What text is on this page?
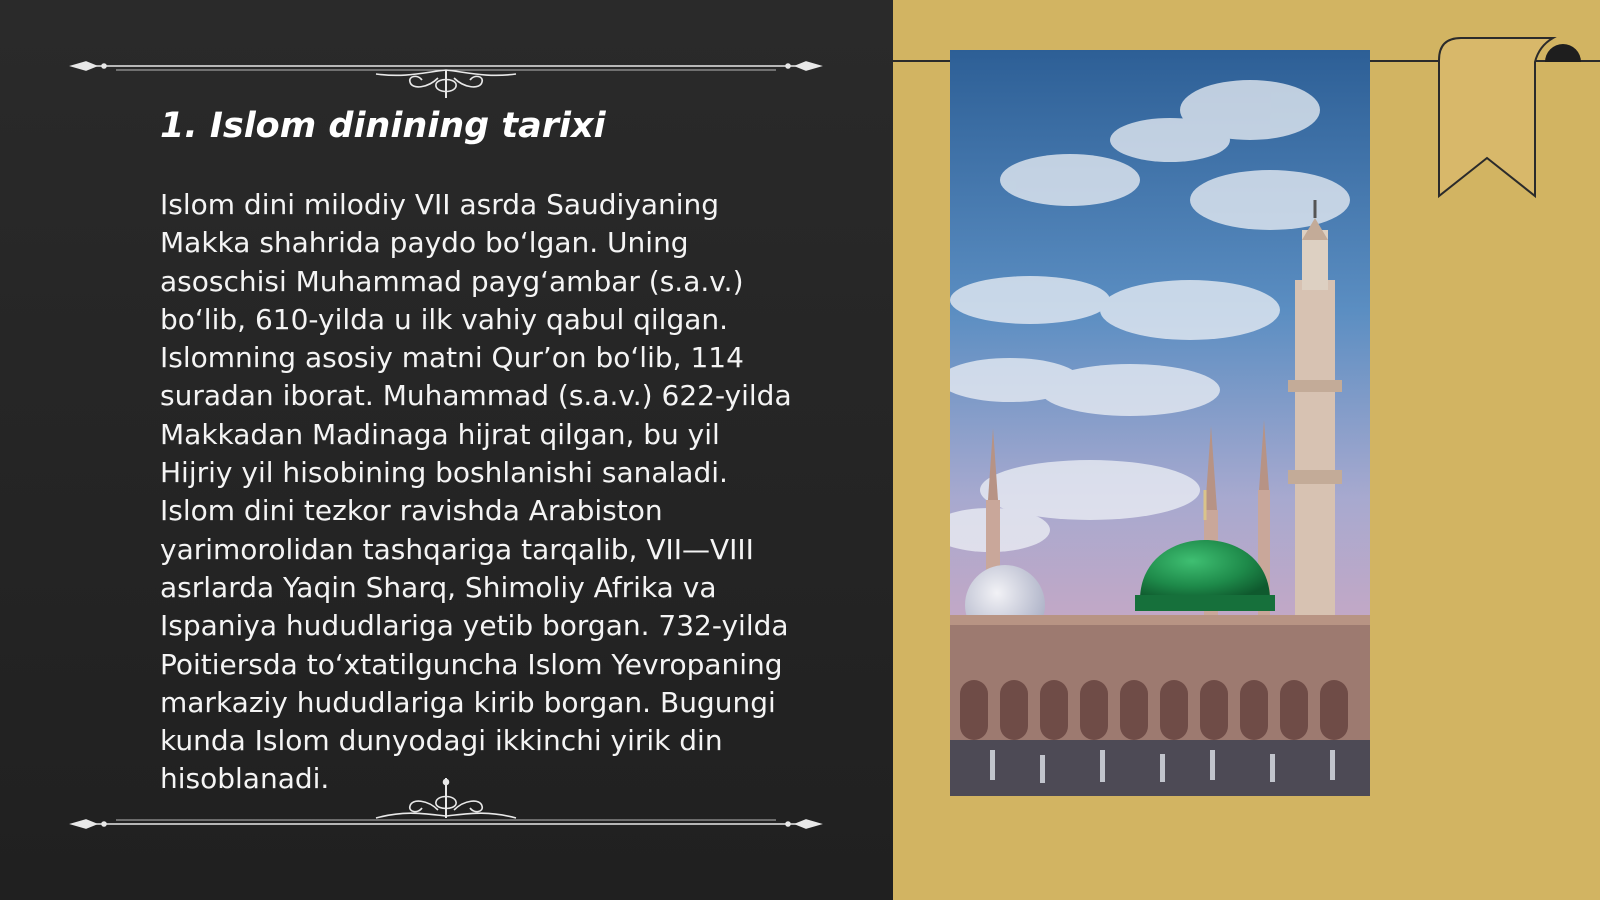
1. Islom dinining tarixi

Islom dini milodiy VII asrda Saudiyaning
Makka shahrida paydo bo‘lgan. Uning
asoschisi Muhammad payg‘ambar (s.a.v.)
bo‘lib, 610-yilda u ilk vahiy qabul qilgan.
Islomning asosiy matni Qur’on bo‘lib, 114
suradan iborat. Muhammad (s.a.v.) 622-yilda
Makkadan Madinaga hijrat qilgan, bu yil
Hijriy yil hisobining boshlanishi sanaladi.
Islom dini tezkor ravishda Arabiston
yarimorolidan tashqariga tarqalib, VII—VIII
asrlarda Yaqin Sharq, Shimoliy Afrika va
Ispaniya hududlariga yetib borgan. 732-yilda
Poitiersda to‘xtatilguncha Islom Yevropaning
markaziy hududlariga kirib borgan. Bugungi
kunda Islom dunyodagi ikkinchi yirik din
hisoblanadi.
